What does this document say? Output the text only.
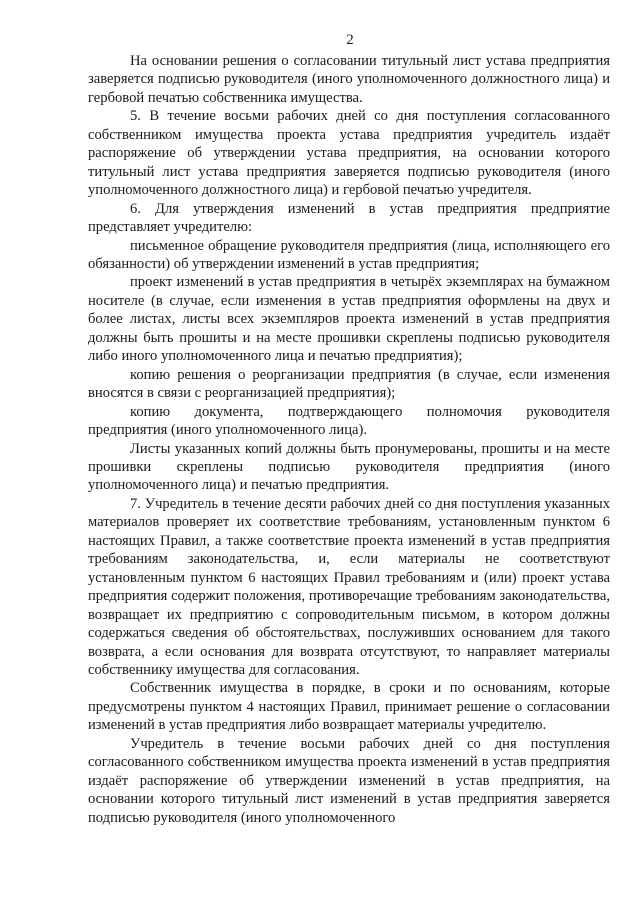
2

На основании решения о согласовании титульный лист устава предприятия заверяется подписью руководителя (иного уполномоченного должностного лица) и гербовой печатью собственника имущества.

5. В течение восьми рабочих дней со дня поступления согласованного собственником имущества проекта устава предприятия учредитель издаёт распоряжение об утверждении устава предприятия, на основании которого титульный лист устава предприятия заверяется подписью руководителя (иного уполномоченного должностного лица) и гербовой печатью учредителя.

6. Для утверждения изменений в устав предприятия предприятие представляет учредителю:

письменное обращение руководителя предприятия (лица, исполняющего его обязанности) об утверждении изменений в устав предприятия;

проект изменений в устав предприятия в четырёх экземплярах на бумажном носителе (в случае, если изменения в устав предприятия оформлены на двух и более листах, листы всех экземпляров проекта изменений в устав предприятия должны быть прошиты и на месте прошивки скреплены подписью руководителя либо иного уполномоченного лица и печатью предприятия);

копию решения о реорганизации предприятия (в случае, если изменения вносятся в связи с реорганизацией предприятия);

копию документа, подтверждающего полномочия руководителя предприятия (иного уполномоченного лица).

Листы указанных копий должны быть пронумерованы, прошиты и на месте прошивки скреплены подписью руководителя предприятия (иного уполномоченного лица) и печатью предприятия.

7. Учредитель в течение десяти рабочих дней со дня поступления указанных материалов проверяет их соответствие требованиям, установленным пунктом 6 настоящих Правил, а также соответствие проекта изменений в устав предприятия требованиям законодательства, и, если материалы не соответствуют установленным пунктом 6 настоящих Правил требованиям и (или) проект устава предприятия содержит положения, противоречащие требованиям законодательства, возвращает их предприятию с сопроводительным письмом, в котором должны содержаться сведения об обстоятельствах, послуживших основанием для такого возврата, а если основания для возврата отсутствуют, то направляет материалы собственнику имущества для согласования.

Собственник имущества в порядке, в сроки и по основаниям, которые предусмотрены пунктом 4 настоящих Правил, принимает решение о согласовании изменений в устав предприятия либо возвращает материалы учредителю.

Учредитель в течение восьми рабочих дней со дня поступления согласованного собственником имущества проекта изменений в устав предприятия издаёт распоряжение об утверждении изменений в устав предприятия, на основании которого титульный лист изменений в устав предприятия заверяется подписью руководителя (иного уполномоченного
